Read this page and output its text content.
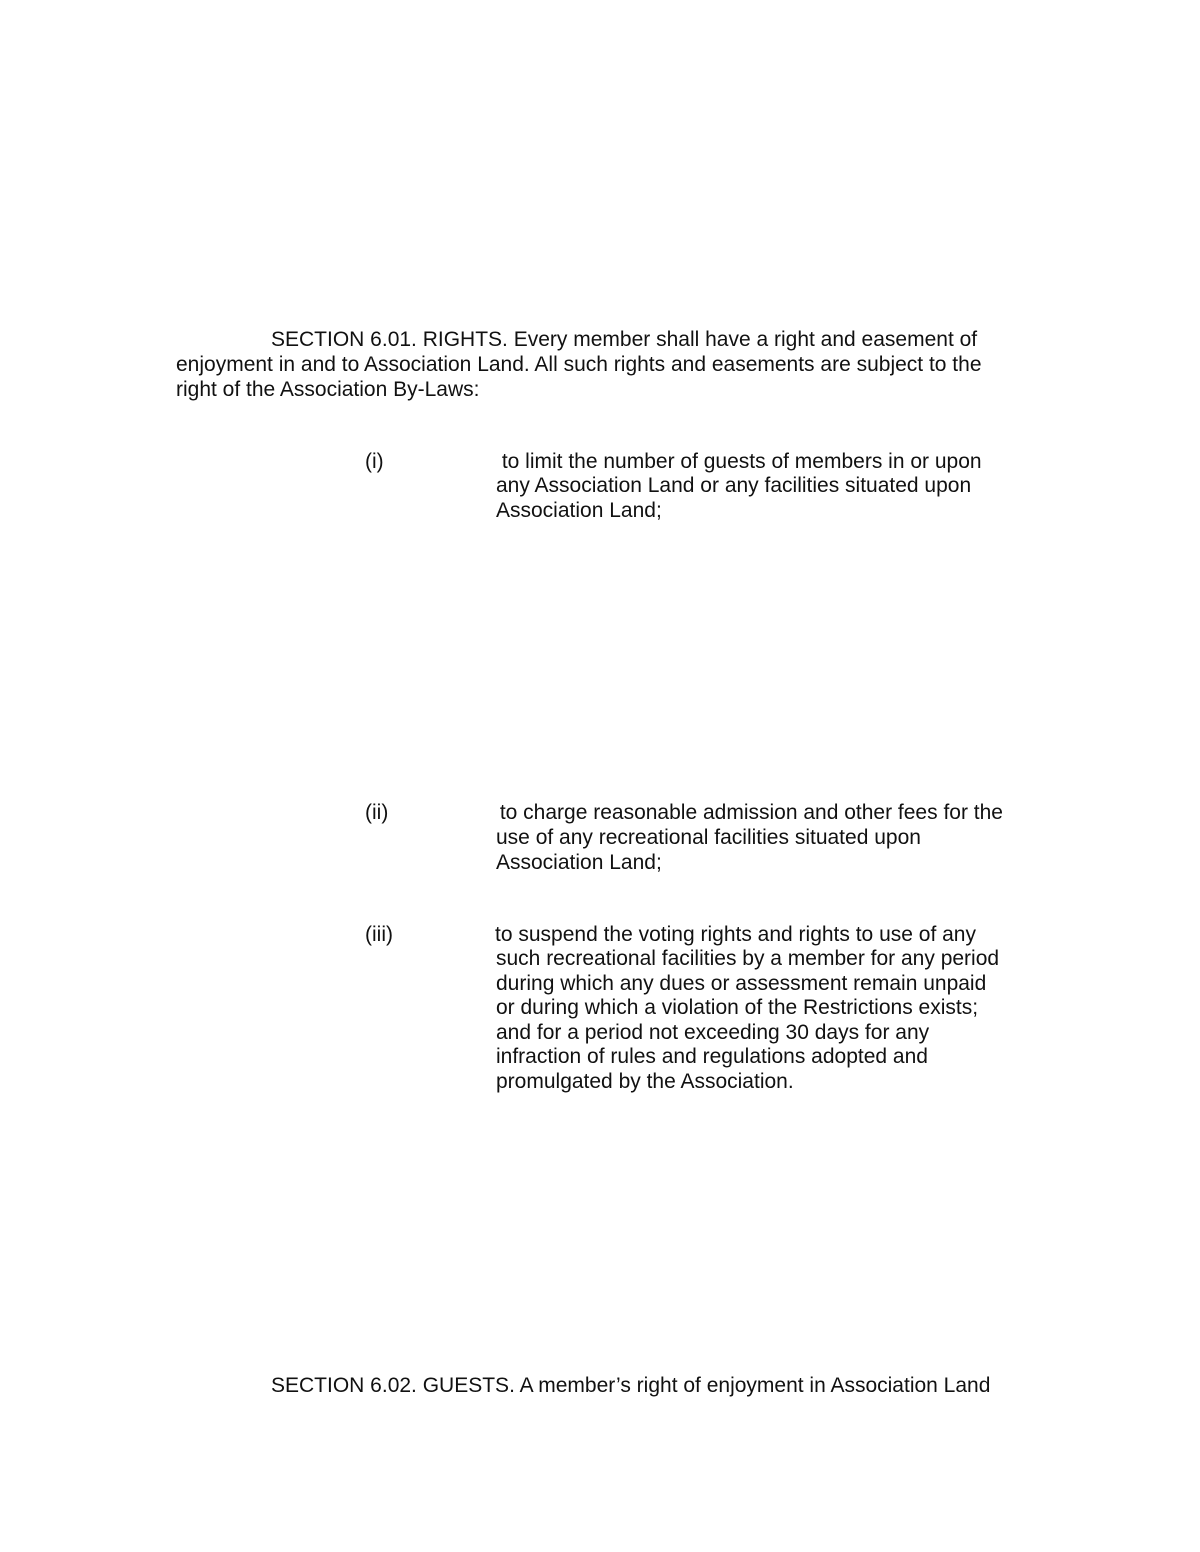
SECTION 6.01. RIGHTS. Every member shall have a right and easement of
enjoyment in and to Association Land. All such rights and easements are subject to the
right of the Association By-Laws:
(i)	to limit the number of guests of members in or upon
any Association Land or any facilities situated upon
Association Land;
(ii)	to charge reasonable admission and other fees for the
use of any recreational facilities situated upon
Association Land;
(iii)	to suspend the voting rights and rights to use of any
such recreational facilities by a member for any period
during which any dues or assessment remain unpaid
or during which a violation of the Restrictions exists;
and for a period not exceeding 30 days for any
infraction of rules and regulations adopted and
promulgated by the Association.
SECTION 6.02. GUESTS. A member’s right of enjoyment in Association Land
